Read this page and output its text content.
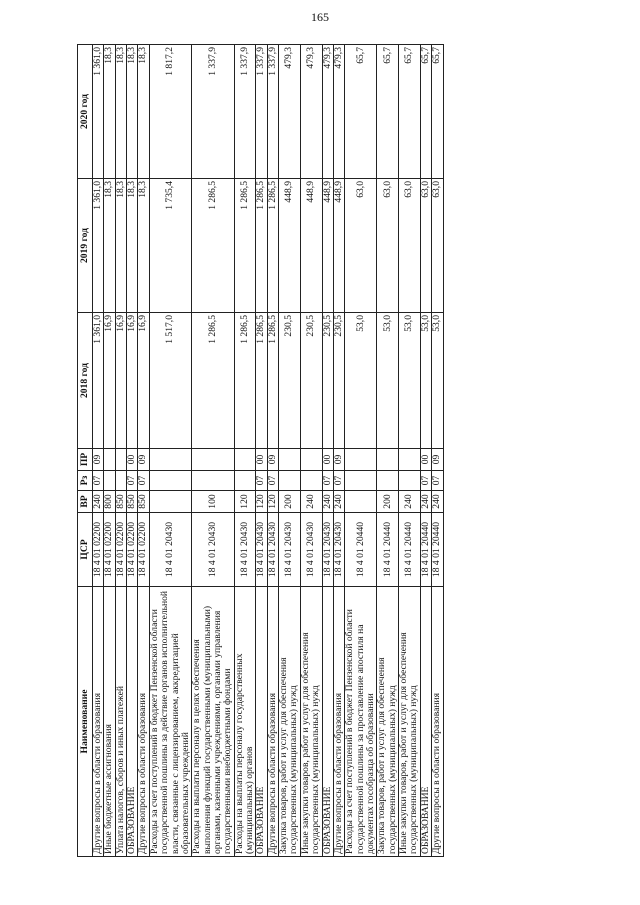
165
Наименование	ЦСР	ВР	Рз	ПР	2018 год	2019 год	2020 год
Другие вопросы в области образования	18 4 01 02200	240	07	09	1 361,0	1 361,0	1 361,0
Иные бюджетные ассигнования	18 4 01 02200	800			16,9	18,3	18,3
Уплата налогов, сборов и иных платежей	18 4 01 02200	850			16,9	18,3	18,3
ОБРАЗОВАНИЕ	18 4 01 02200	850	07	00	16,9	18,3	18,3
Другие вопросы в области образования	18 4 01 02200	850	07	09	16,9	18,3	18,3
Расходы за счет поступлений в бюджет Пензенской области государственной пошлины за действие органов исполнительной власти, связанные с лицензированием, аккредитацией образовательных учреждений	18 4 01 20430				1 517,0	1 735,4	1 817,2
Расходы на выплаты персоналу в целях обеспечения выполнения функций государственными (муниципальными) органами, казенными учреждениями, органами управления государственными внебюджетными фондами	18 4 01 20430	100			1 286,5	1 286,5	1 337,9
Расходы на выплаты персоналу государственных (муниципальных) органов	18 4 01 20430	120			1 286,5	1 286,5	1 337,9
ОБРАЗОВАНИЕ	18 4 01 20430	120	07	00	1 286,5	1 286,5	1 337,9
Другие вопросы в области образования	18 4 01 20430	120	07	09	1 286,5	1 286,5	1 337,9
Закупка товаров, работ и услуг для обеспечения государственных (муниципальных) нужд	18 4 01 20430	200			230,5	448,9	479,3
Иные закупки товаров, работ и услуг для обеспечения государственных (муниципальных) нужд	18 4 01 20430	240			230,5	448,9	479,3
ОБРАЗОВАНИЕ	18 4 01 20430	240	07	00	230,5	448,9	479,3
Другие вопросы в области образования	18 4 01 20430	240	07	09	230,5	448,9	479,3
Расходы за счет поступлений в бюджет Пензенской области государственной пошлины за проставление апостиля на документах гособразца об образовании	18 4 01 20440				53,0	63,0	65,7
Закупка товаров, работ и услуг для обеспечения государственных (муниципальных) нужд	18 4 01 20440	200			53,0	63,0	65,7
Иные закупки товаров, работ и услуг для обеспечения государственных (муниципальных) нужд	18 4 01 20440	240			53,0	63,0	65,7
ОБРАЗОВАНИЕ	18 4 01 20440	240	07	00	53,0	63,0	65,7
Другие вопросы в области образования	18 4 01 20440	240	07	09	53,0	63,0	65,7
